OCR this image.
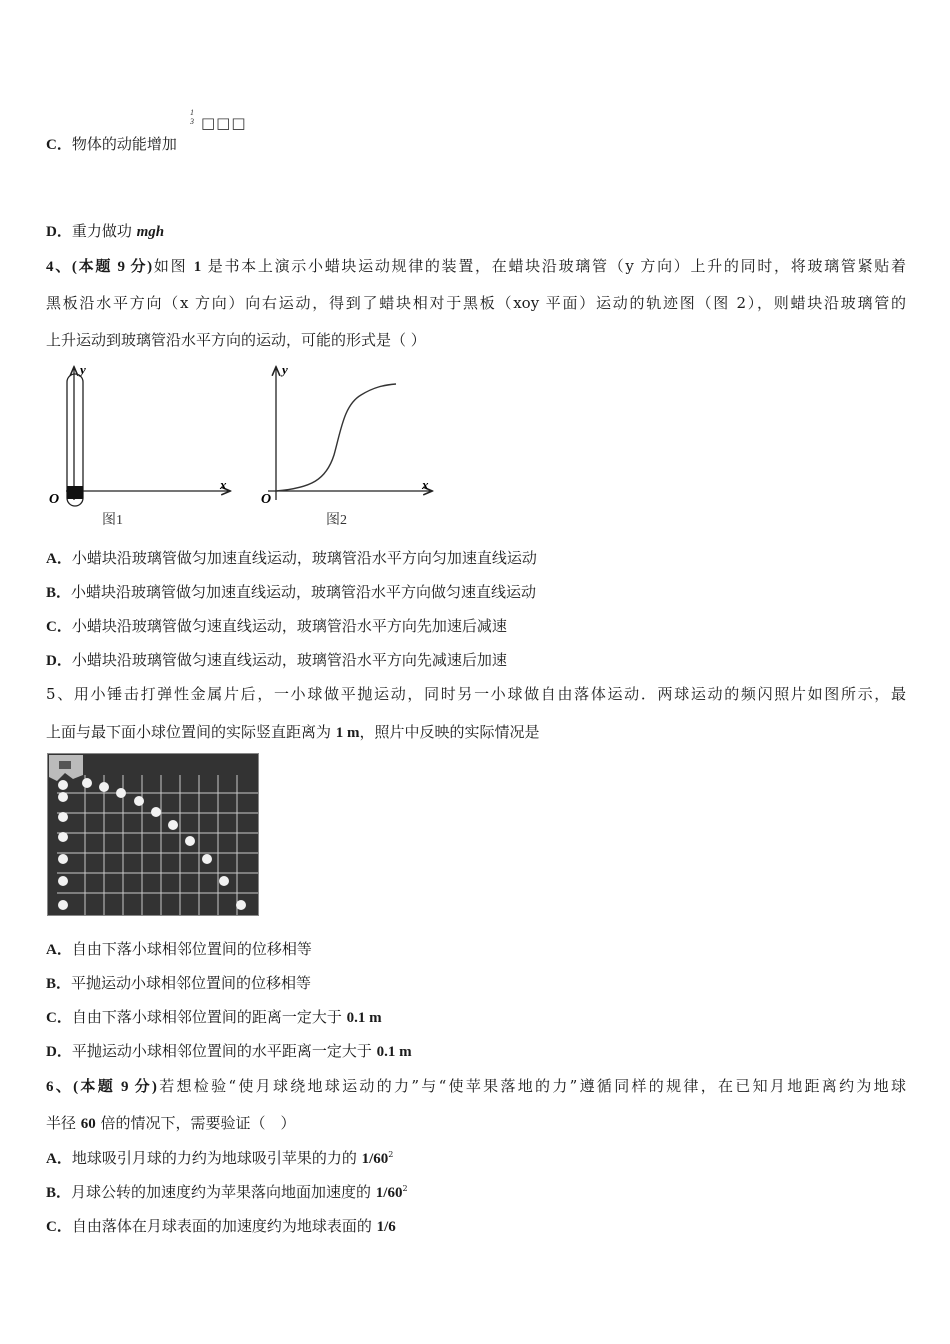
C．物体的动能增加
1
3 □□□
D．重力做功 mgh
4、(本题 9 分)如图 1 是书本上演示小蜡块运动规律的装置，在蜡块沿玻璃管（y 方向）上升的同时，将玻璃管紧贴着
黑板沿水平方向（x 方向）向右运动，得到了蜡块相对于黑板（xoy 平面）运动的轨迹图（图 2），则蜡块沿玻璃管的
上升运动到玻璃管沿水平方向的运动，可能的形式是（ ）
y
x
O
图1
y
x
O
图2
A．小蜡块沿玻璃管做匀加速直线运动，玻璃管沿水平方向匀加速直线运动
B．小蜡块沿玻璃管做匀加速直线运动，玻璃管沿水平方向做匀速直线运动
C．小蜡块沿玻璃管做匀速直线运动，玻璃管沿水平方向先加速后减速
D．小蜡块沿玻璃管做匀速直线运动，玻璃管沿水平方向先减速后加速
5、用小锤击打弹性金属片后，一小球做平抛运动，同时另一小球做自由落体运动．两球运动的频闪照片如图所示，最
上面与最下面小球位置间的实际竖直距离为 1 m，照片中反映的实际情况是
A．自由下落小球相邻位置间的位移相等
B．平抛运动小球相邻位置间的位移相等
C．自由下落小球相邻位置间的距离一定大于 0.1 m
D．平抛运动小球相邻位置间的水平距离一定大于 0.1 m
6、(本题 9 分)若想检验“使月球绕地球运动的力”与“使苹果落地的力”遵循同样的规律，在已知月地距离约为地球
半径 60 倍的情况下，需要验证（　）
A．地球吸引月球的力约为地球吸引苹果的力的 $1/60^2$
B．月球公转的加速度约为苹果落向地面加速度的 $1/60^2$
C．自由落体在月球表面的加速度约为地球表面的 1/6
